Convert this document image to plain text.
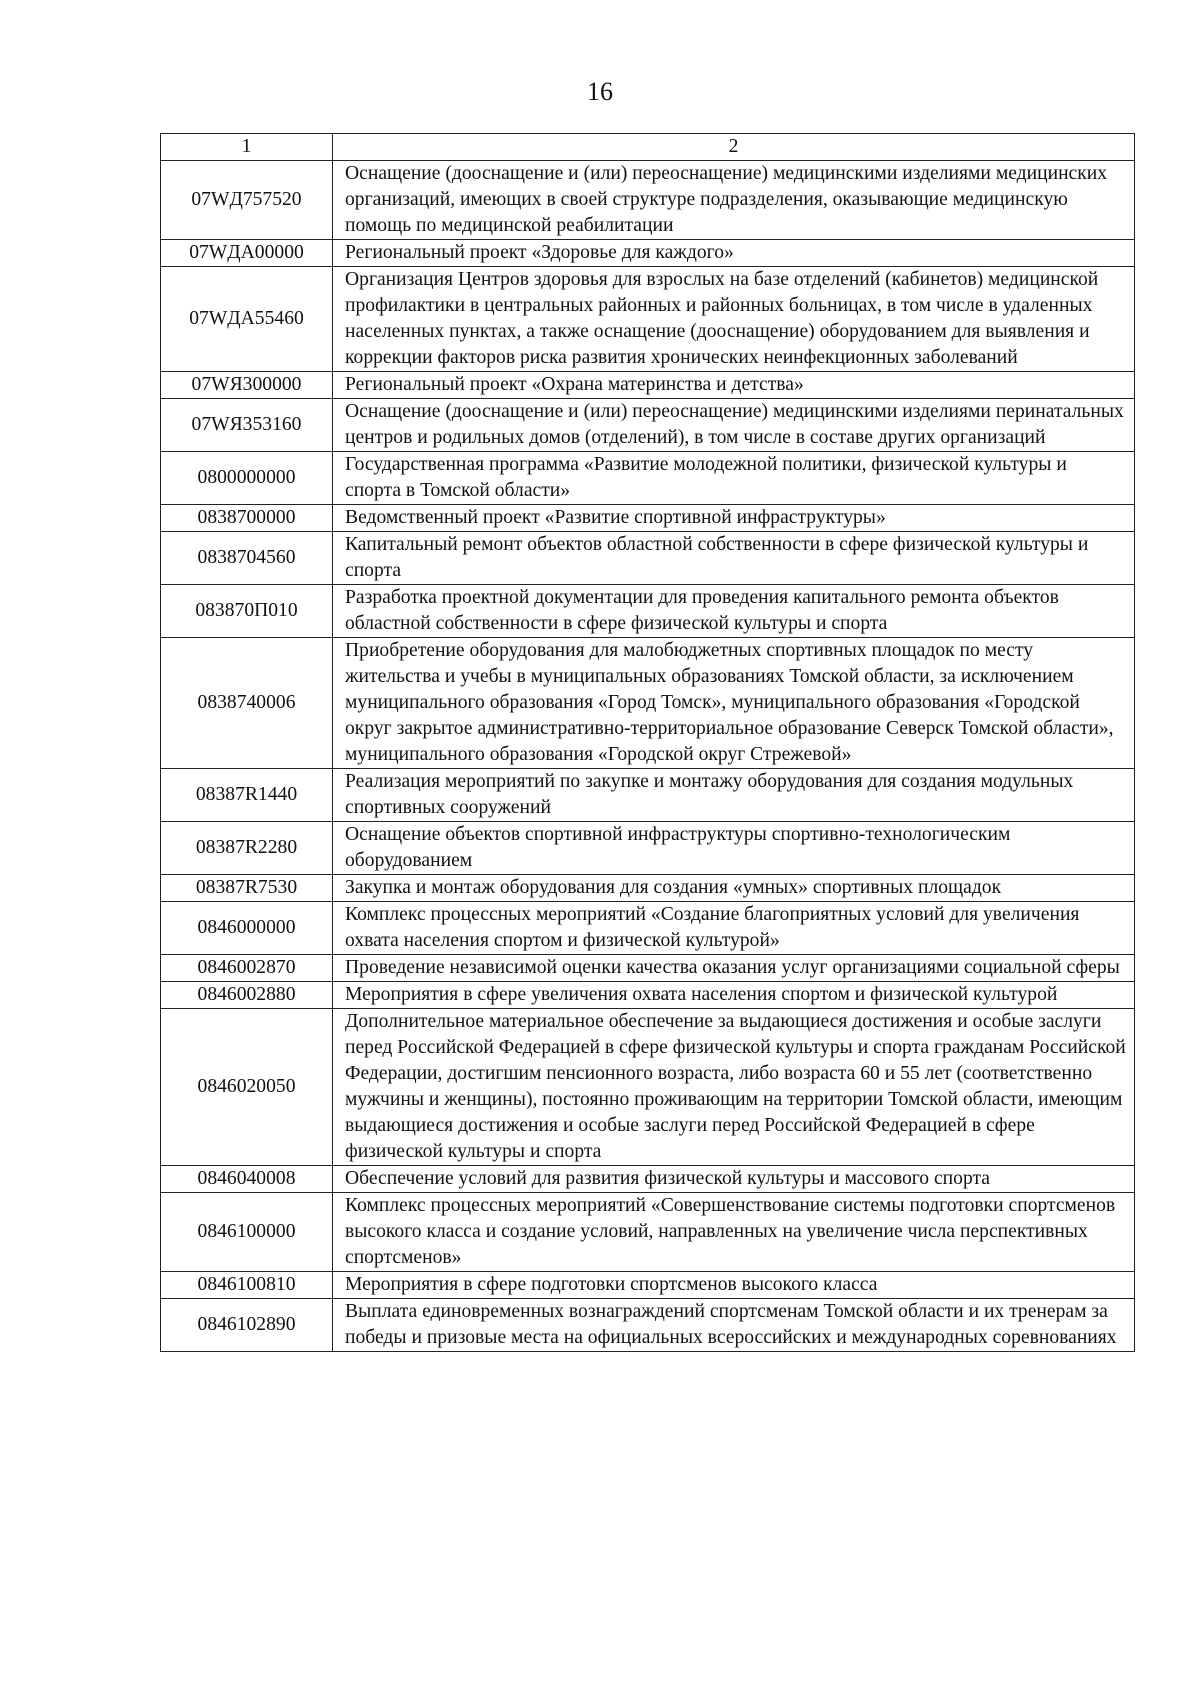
16
1	2
07WД757520	Оснащение (дооснащение и (или) переоснащение) медицинскими изделиями медицинских организаций, имеющих в своей структуре подразделения, оказывающие медицинскую помощь по медицинской реабилитации
07WДА00000	Региональный проект «Здоровье для каждого»
07WДА55460	Организация Центров здоровья для взрослых на базе отделений (кабинетов) медицинской профилактики в центральных районных и районных больницах, в том числе в удаленных населенных пунктах, а также оснащение (дооснащение) оборудованием для выявления и коррекции факторов риска развития хронических неинфекционных заболеваний
07WЯ300000	Региональный проект «Охрана материнства и детства»
07WЯ353160	Оснащение (дооснащение и (или) переоснащение) медицинскими изделиями перинатальных центров и родильных домов (отделений), в том числе в составе других организаций
0800000000	Государственная программа «Развитие молодежной политики, физической культуры и спорта в Томской области»
0838700000	Ведомственный проект «Развитие спортивной инфраструктуры»
0838704560	Капитальный ремонт объектов областной собственности в сфере физической культуры и спорта
083870П010	Разработка проектной документации для проведения капитального ремонта объектов областной собственности в сфере физической культуры и спорта
0838740006	Приобретение оборудования для малобюджетных спортивных площадок по месту жительства и учебы в муниципальных образованиях Томской области, за исключением муниципального образования «Город Томск», муниципального образования «Городской округ закрытое административно-территориальное образование Северск Томской области», муниципального образования «Городской округ Стрежевой»
08387R1440	Реализация мероприятий по закупке и монтажу оборудования для создания модульных спортивных сооружений
08387R2280	Оснащение объектов спортивной инфраструктуры спортивно-технологическим оборудованием
08387R7530	Закупка и монтаж оборудования для создания «умных» спортивных площадок
0846000000	Комплекс процессных мероприятий «Создание благоприятных условий для увеличения охвата населения спортом и физической культурой»
0846002870	Проведение независимой оценки качества оказания услуг организациями социальной сферы
0846002880	Мероприятия в сфере увеличения охвата населения спортом и физической культурой
0846020050	Дополнительное материальное обеспечение за выдающиеся достижения и особые заслуги перед Российской Федерацией в сфере физической культуры и спорта гражданам Российской Федерации, достигшим пенсионного возраста, либо возраста 60 и 55 лет (соответственно мужчины и женщины), постоянно проживающим на территории Томской области, имеющим выдающиеся достижения и особые заслуги перед Российской Федерацией в сфере физической культуры и спорта
0846040008	Обеспечение условий для развития физической культуры и массового спорта
0846100000	Комплекс процессных мероприятий «Совершенствование системы подготовки спортсменов высокого класса и создание условий, направленных на увеличение числа перспективных спортсменов»
0846100810	Мероприятия в сфере подготовки спортсменов высокого класса
0846102890	Выплата единовременных вознаграждений спортсменам Томской области и их тренерам за победы и призовые места на официальных всероссийских и международных соревнованиях
